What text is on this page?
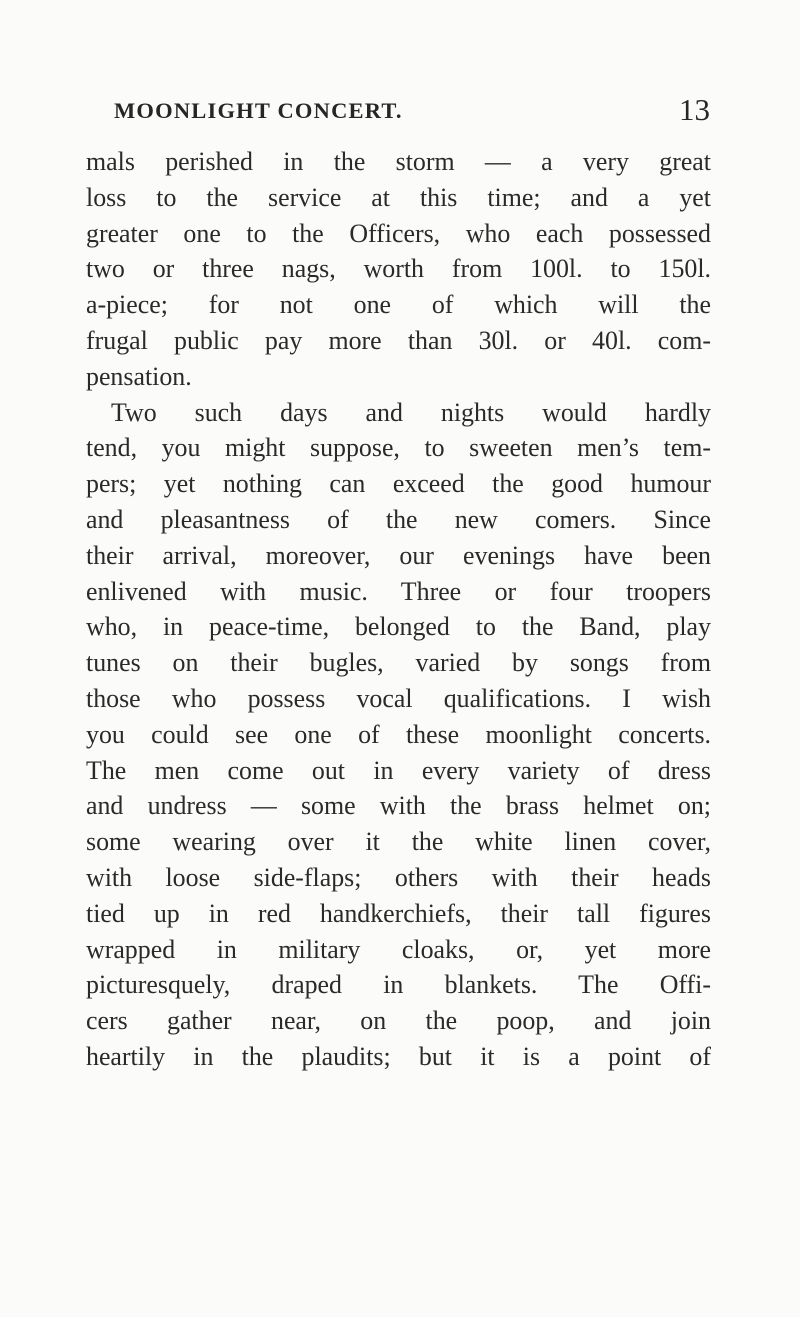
MOONLIGHT CONCERT.	13
mals perished in the storm — a very great
loss to the service at this time; and a yet
greater one to the Officers, who each possessed
two or three nags, worth from 100l. to 150l.
a-piece; for not one of which will the
frugal public pay more than 30l. or 40l. com-
pensation.
Two such days and nights would hardly
tend, you might suppose, to sweeten men’s tem-
pers; yet nothing can exceed the good humour
and pleasantness of the new comers. Since
their arrival, moreover, our evenings have been
enlivened with music. Three or four troopers
who, in peace-time, belonged to the Band, play
tunes on their bugles, varied by songs from
those who possess vocal qualifications. I wish
you could see one of these moonlight concerts.
The men come out in every variety of dress
and undress — some with the brass helmet on;
some wearing over it the white linen cover,
with loose side-flaps; others with their heads
tied up in red handkerchiefs, their tall figures
wrapped in military cloaks, or, yet more
picturesquely, draped in blankets. The Offi-
cers gather near, on the poop, and join
heartily in the plaudits; but it is a point of
